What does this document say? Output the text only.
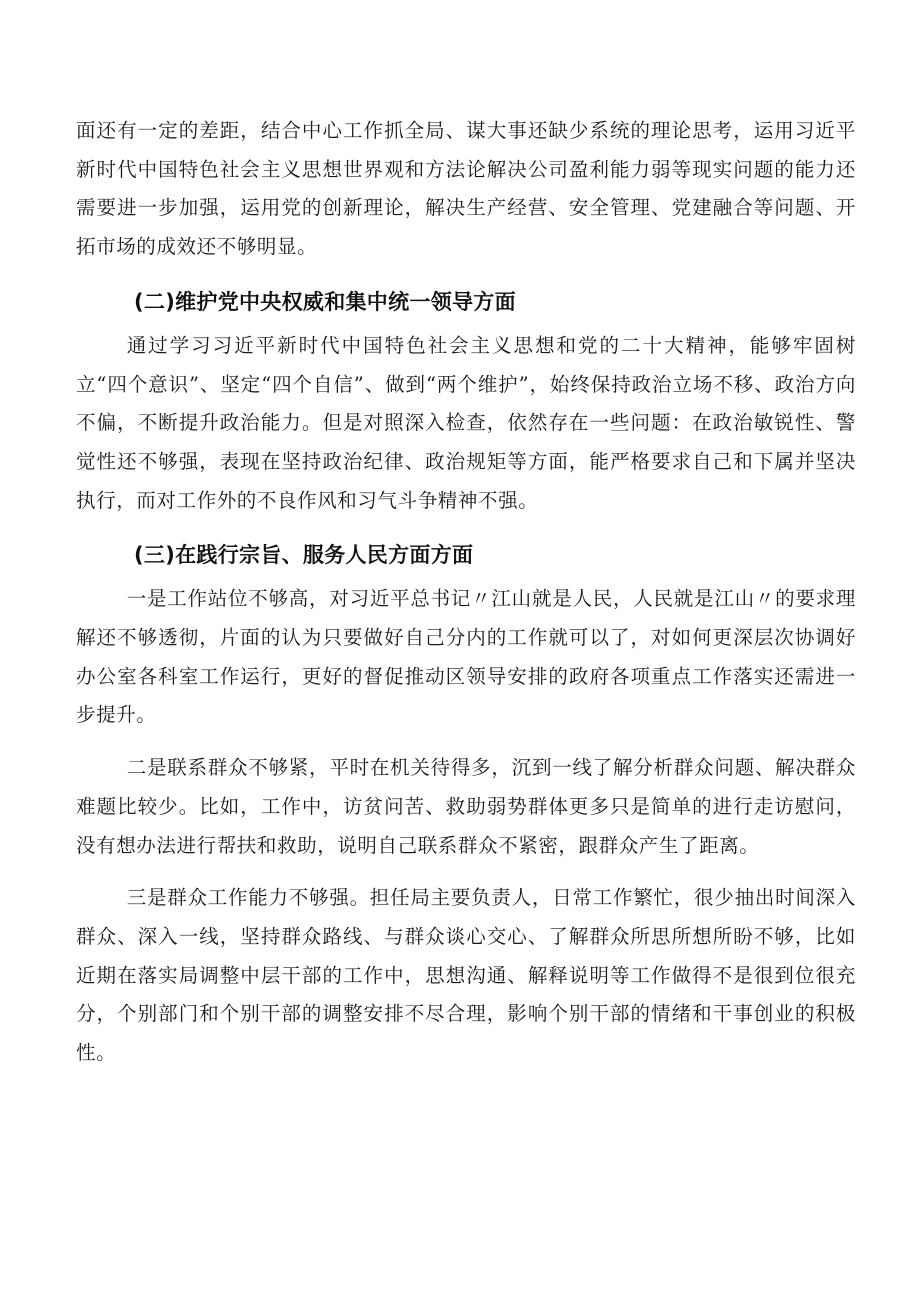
面还有一定的差距，结合中心工作抓全局、谋大事还缺少系统的理论思考，运用习近平新时代中国特色社会主义思想世界观和方法论解决公司盈利能力弱等现实问题的能力还需要进一步加强，运用党的创新理论，解决生产经营、安全管理、党建融合等问题、开拓市场的成效还不够明显。

(二)维护党中央权威和集中统一领导方面

通过学习习近平新时代中国特色社会主义思想和党的二十大精神，能够牢固树立“四个意识”、坚定“四个自信”、做到“两个维护”，始终保持政治立场不移、政治方向不偏，不断提升政治能力。但是对照深入检查，依然存在一些问题：在政治敏锐性、警觉性还不够强，表现在坚持政治纪律、政治规矩等方面，能严格要求自己和下属并坚决执行，而对工作外的不良作风和习气斗争精神不强。

(三)在践行宗旨、服务人民方面方面

一是工作站位不够高，对习近平总书记〃江山就是人民，人民就是江山〃的要求理解还不够透彻，片面的认为只要做好自己分内的工作就可以了，对如何更深层次协调好办公室各科室工作运行，更好的督促推动区领导安排的政府各项重点工作落实还需进一步提升。

二是联系群众不够紧，平时在机关待得多，沉到一线了解分析群众问题、解决群众难题比较少。比如，工作中，访贫问苦、救助弱势群体更多只是简单的进行走访慰问，没有想办法进行帮扶和救助，说明自己联系群众不紧密，跟群众产生了距离。

三是群众工作能力不够强。担任局主要负责人，日常工作繁忙，很少抽出时间深入群众、深入一线，坚持群众路线、与群众谈心交心、了解群众所思所想所盼不够，比如近期在落实局调整中层干部的工作中，思想沟通、解释说明等工作做得不是很到位很充分，个别部门和个别干部的调整安排不尽合理，影响个别干部的情绪和干事创业的积极性。
